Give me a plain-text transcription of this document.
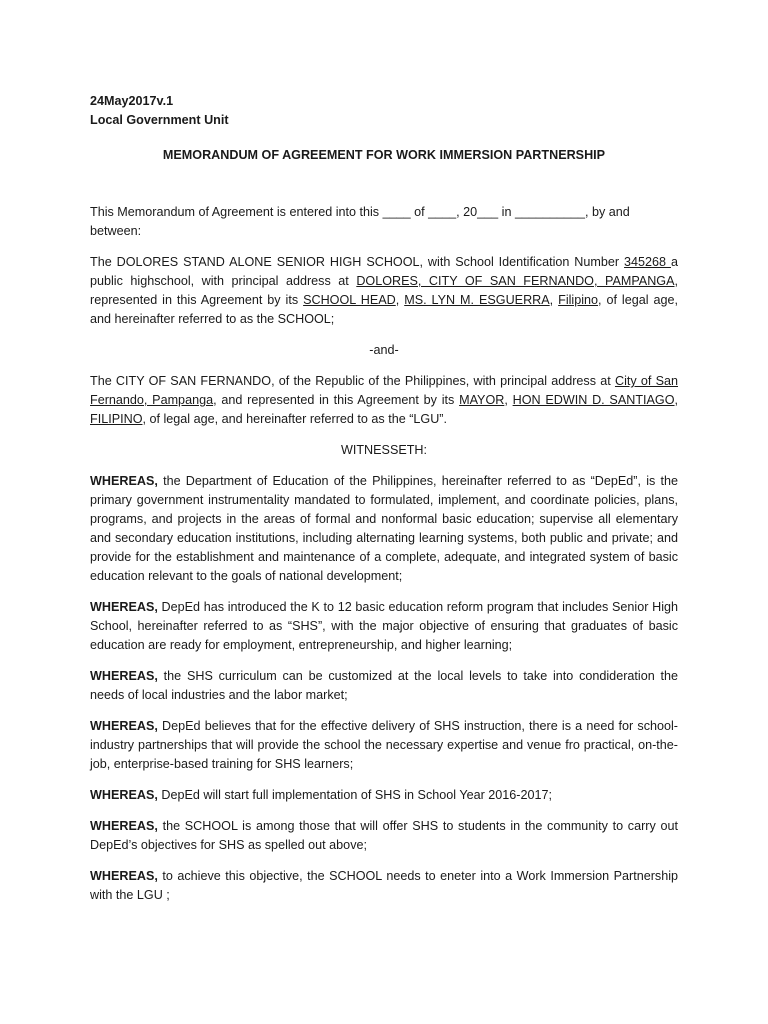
24May2017v.1

Local Government Unit

MEMORANDUM OF AGREEMENT FOR WORK IMMERSION PARTNERSHIP

This Memorandum of Agreement is entered into this ____ of ____, 20___ in __________, by and between:

The DOLORES STAND ALONE SENIOR HIGH SCHOOL, with School Identification Number 345268 a public highschool, with principal address at DOLORES, CITY OF SAN FERNANDO, PAMPANGA, represented in this Agreement by its SCHOOL HEAD, MS. LYN M. ESGUERRA, Filipino, of legal age, and hereinafter referred to as the SCHOOL;

-and-

The CITY OF SAN FERNANDO, of the Republic of the Philippines, with principal address at City of San Fernando, Pampanga, and represented in this Agreement by its MAYOR, HON EDWIN D. SANTIAGO, FILIPINO, of legal age, and hereinafter referred to as the “LGU”.

WITNESSETH:

WHEREAS, the Department of Education of the Philippines, hereinafter referred to as “DepEd”, is the primary government instrumentality mandated to formulated, implement, and coordinate policies, plans, programs, and projects in the areas of formal and nonformal basic education; supervise all elementary and secondary education institutions, including alternating learning systems, both public and private; and provide for the establishment and maintenance of a complete, adequate, and integrated system of basic education relevant to the goals of national development;

WHEREAS, DepEd has introduced the K to 12 basic education reform program that includes Senior High School, hereinafter referred to as “SHS”, with the major objective of ensuring that graduates of basic education are ready for employment, entrepreneurship, and higher learning;

WHEREAS, the SHS curriculum can be customized at the local levels to take into condideration the needs of local industries and the labor market;

WHEREAS, DepEd believes that for the effective delivery of SHS instruction, there is a need for school-industry partnerships that will provide the school the necessary expertise and venue fro practical, on-the-job, enterprise-based training for SHS learners;

WHEREAS, DepEd will start full implementation of SHS in School Year 2016-2017;

WHEREAS, the SCHOOL is among those that will offer SHS to students in the community to carry out DepEd’s objectives for SHS as spelled out above;

WHEREAS, to achieve this objective, the SCHOOL needs to eneter into a Work Immersion Partnership with the LGU ;
